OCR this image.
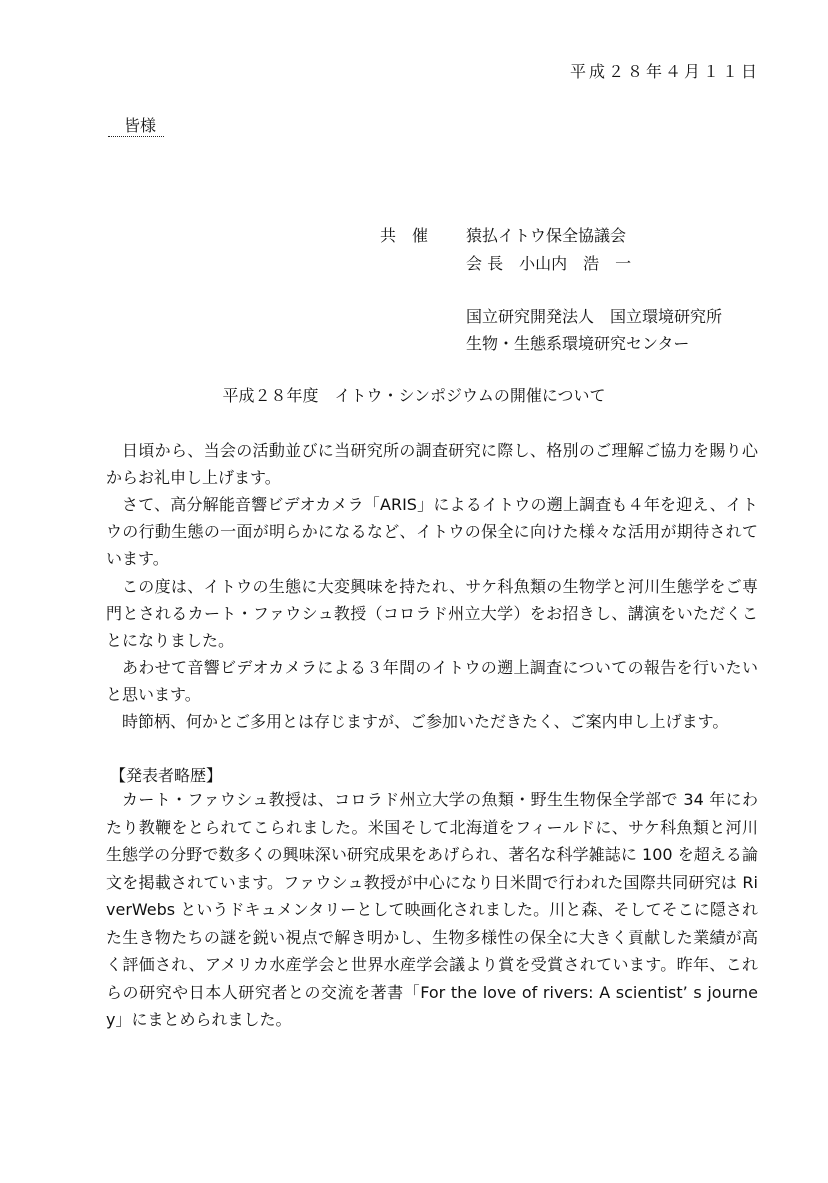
平成２８年４月１１日
皆様
共　催 猿払イトウ保全協議会
会 長　小山内　浩　一
国立研究開発法人　国立環境研究所
生物・生態系環境研究センター
平成２８年度　イトウ・シンポジウムの開催について
日頃から、当会の活動並びに当研究所の調査研究に際し、格別のご理解ご協力を賜り心からお礼申し上げます。
さて、高分解能音響ビデオカメラ「ARIS」によるイトウの遡上調査も４年を迎え、イトウの行動生態の一面が明らかになるなど、イトウの保全に向けた様々な活用が期待されています。
この度は、イトウの生態に大変興味を持たれ、サケ科魚類の生物学と河川生態学をご専門とされるカート・ファウシュ教授（コロラド州立大学）をお招きし、講演をいただくことになりました。
あわせて音響ビデオカメラによる３年間のイトウの遡上調査についての報告を行いたいと思います。
時節柄、何かとご多用とは存じますが、ご参加いただきたく、ご案内申し上げます。
【発表者略歴】
カート・ファウシュ教授は、コロラド州立大学の魚類・野生生物保全学部で 34 年にわたり教鞭をとられてこられました。米国そして北海道をフィールドに、サケ科魚類と河川生態学の分野で数多くの興味深い研究成果をあげられ、著名な科学雑誌に 100 を超える論文を掲載されています。ファウシュ教授が中心になり日米間で行われた国際共同研究は RiverWebs というドキュメンタリーとして映画化されました。川と森、そしてそこに隠された生き物たちの謎を鋭い視点で解き明かし、生物多様性の保全に大きく貢献した業績が高く評価され、アメリカ水産学会と世界水産学会議より賞を受賞されています。昨年、これらの研究や日本人研究者との交流を著書「For the love of rivers: A scientist’ s journey」にまとめられました。
